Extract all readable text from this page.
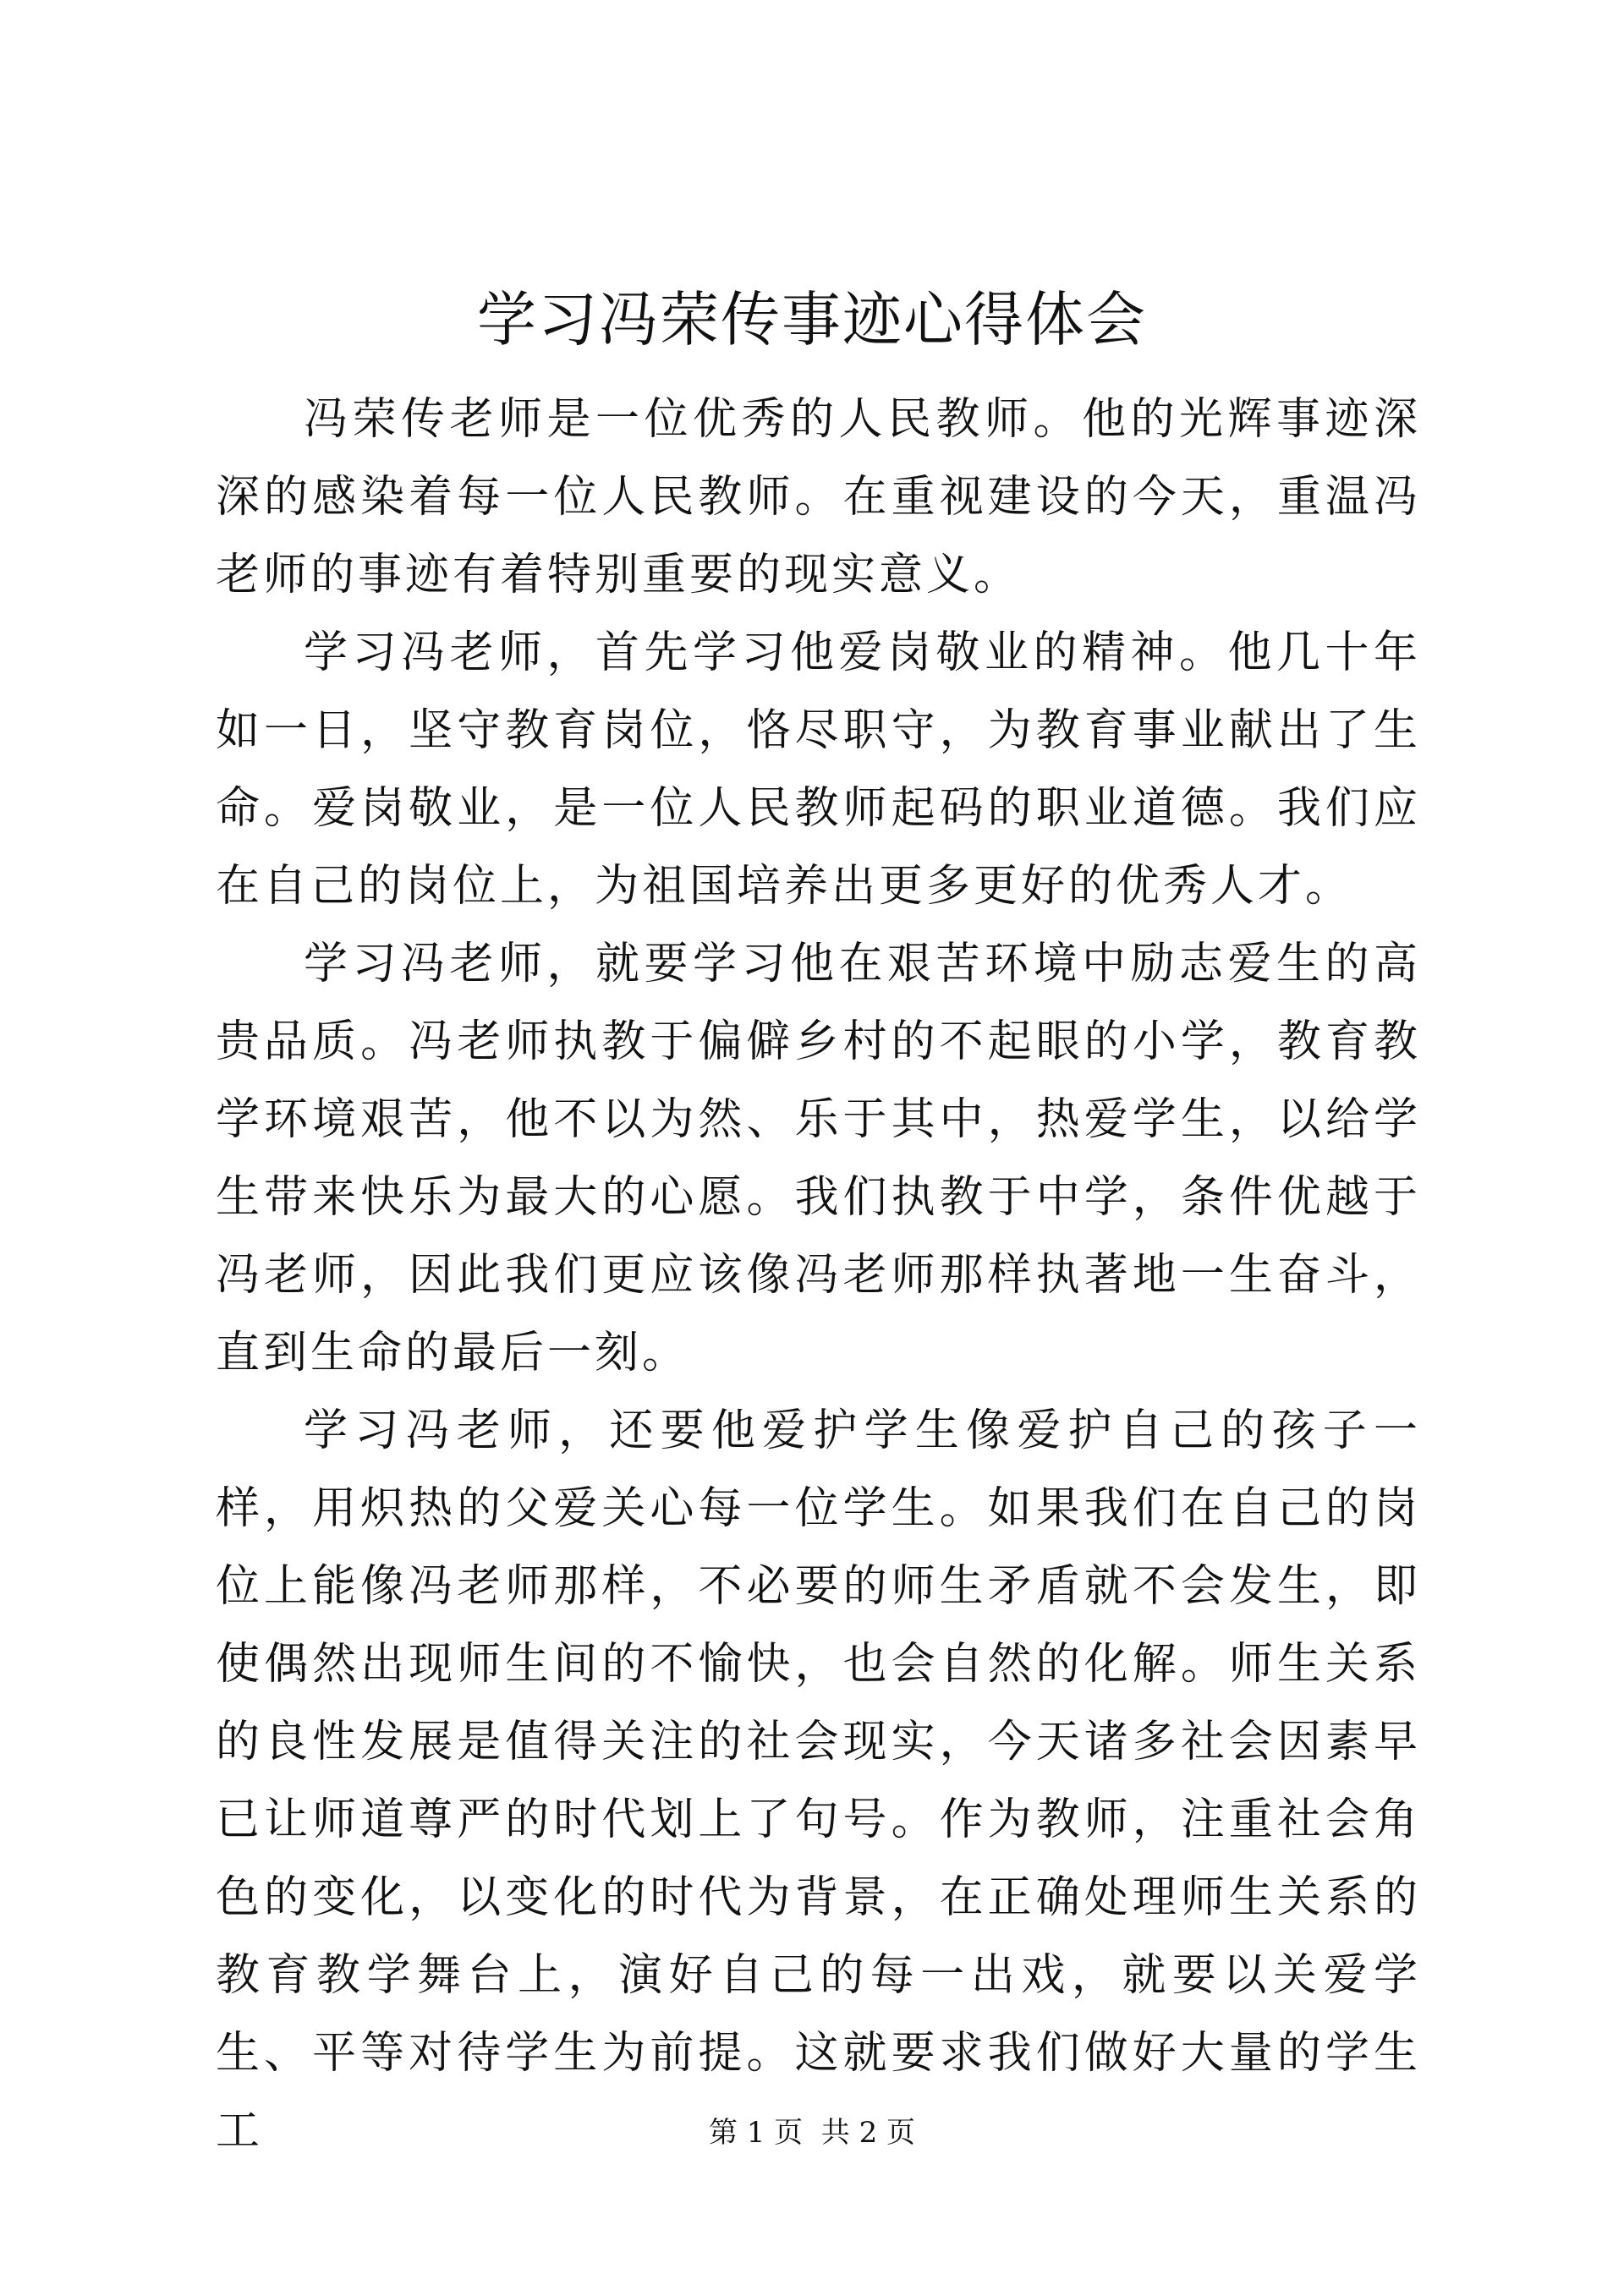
学习冯荣传事迹心得体会

冯荣传老师是一位优秀的人民教师。他的光辉事迹深深的感染着每一位人民教师。在重视建设的今天，重温冯老师的事迹有着特别重要的现实意义。

学习冯老师，首先学习他爱岗敬业的精神。他几十年如一日，坚守教育岗位，恪尽职守，为教育事业献出了生命。爱岗敬业，是一位人民教师起码的职业道德。我们应在自己的岗位上，为祖国培养出更多更好的优秀人才。

学习冯老师，就要学习他在艰苦环境中励志爱生的高贵品质。冯老师执教于偏僻乡村的不起眼的小学，教育教学环境艰苦，他不以为然、乐于其中，热爱学生，以给学生带来快乐为最大的心愿。我们执教于中学，条件优越于冯老师，因此我们更应该像冯老师那样执著地一生奋斗，直到生命的最后一刻。

学习冯老师，还要他爱护学生像爱护自己的孩子一样，用炽热的父爱关心每一位学生。如果我们在自己的岗位上能像冯老师那样，不必要的师生矛盾就不会发生，即使偶然出现师生间的不愉快，也会自然的化解。师生关系的良性发展是值得关注的社会现实，今天诸多社会因素早已让师道尊严的时代划上了句号。作为教师，注重社会角色的变化，以变化的时代为背景，在正确处理师生关系的教育教学舞台上，演好自己的每一出戏，就要以关爱学生、平等对待学生为前提。这就要求我们做好大量的学生工	第 1 页  共 2 页
